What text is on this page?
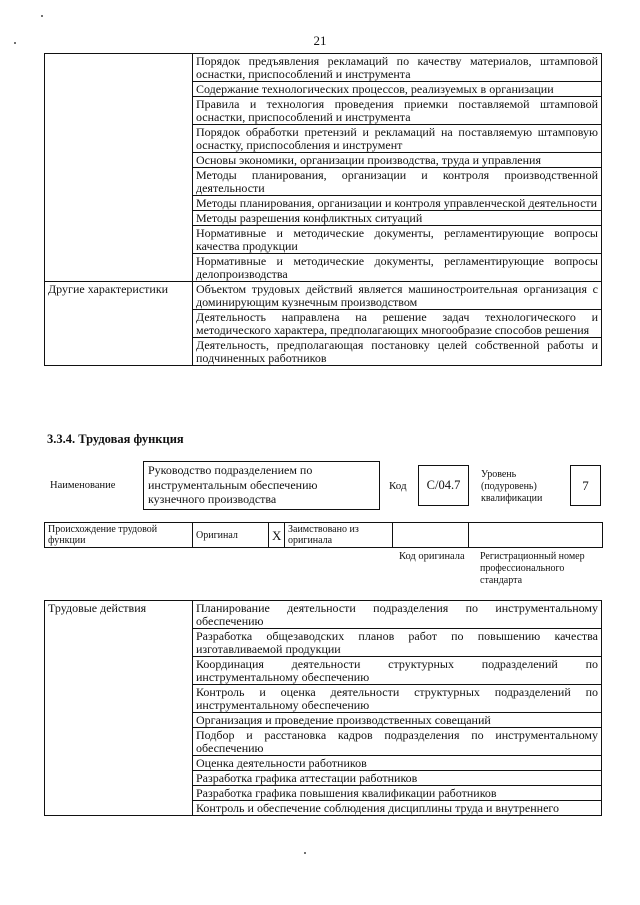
21
	Порядок предъявления рекламаций по качеству материалов, штамповой оснастки, приспособлений и инструмента
	Содержание технологических процессов, реализуемых в организации
	Правила и технология проведения приемки поставляемой штамповой оснастки, приспособлений и инструмента
	Порядок обработки претензий и рекламаций на поставляемую штамповую оснастку, приспособления и инструмент
	Основы экономики, организации производства, труда и управления
	Методы планирования, организации и контроля производственной деятельности
	Методы планирования, организации и контроля управленческой деятельности
	Методы разрешения конфликтных ситуаций
	Нормативные и методические документы, регламентирующие вопросы качества продукции
	Нормативные и методические документы, регламентирующие вопросы делопроизводства
Другие характеристики	Объектом трудовых действий является машиностроительная организация с доминирующим кузнечным производством
	Деятельность направлена на решение задач технологического и методического характера, предполагающих многообразие способов решения
	Деятельность, предполагающая постановку целей собственной работы и подчиненных работников
3.3.4. Трудовая функция
Наименование
Руководство подразделением по инструментальным обеспечению кузнечного производства
Код C/04.7
Уровень (подуровень) квалификации
7
Происхождение трудовой функции	Оригинал	X	Заимствовано из оригинала		
Код оригинала Регистрационный номер профессионального стандарта
Трудовые действия	Планирование деятельности подразделения по инструментальному обеспечению
Разработка общезаводских планов работ по повышению качества изготавливаемой продукции
Координация деятельности структурных подразделений по инструментальному обеспечению
Контроль и оценка деятельности структурных подразделений по инструментальному обеспечению
Организация и проведение производственных совещаний
Подбор и расстановка кадров подразделения по инструментальному обеспечению
Оценка деятельности работников
Разработка графика аттестации работников
Разработка графика повышения квалификации работников
Контроль и обеспечение соблюдения дисциплины труда и внутреннего
